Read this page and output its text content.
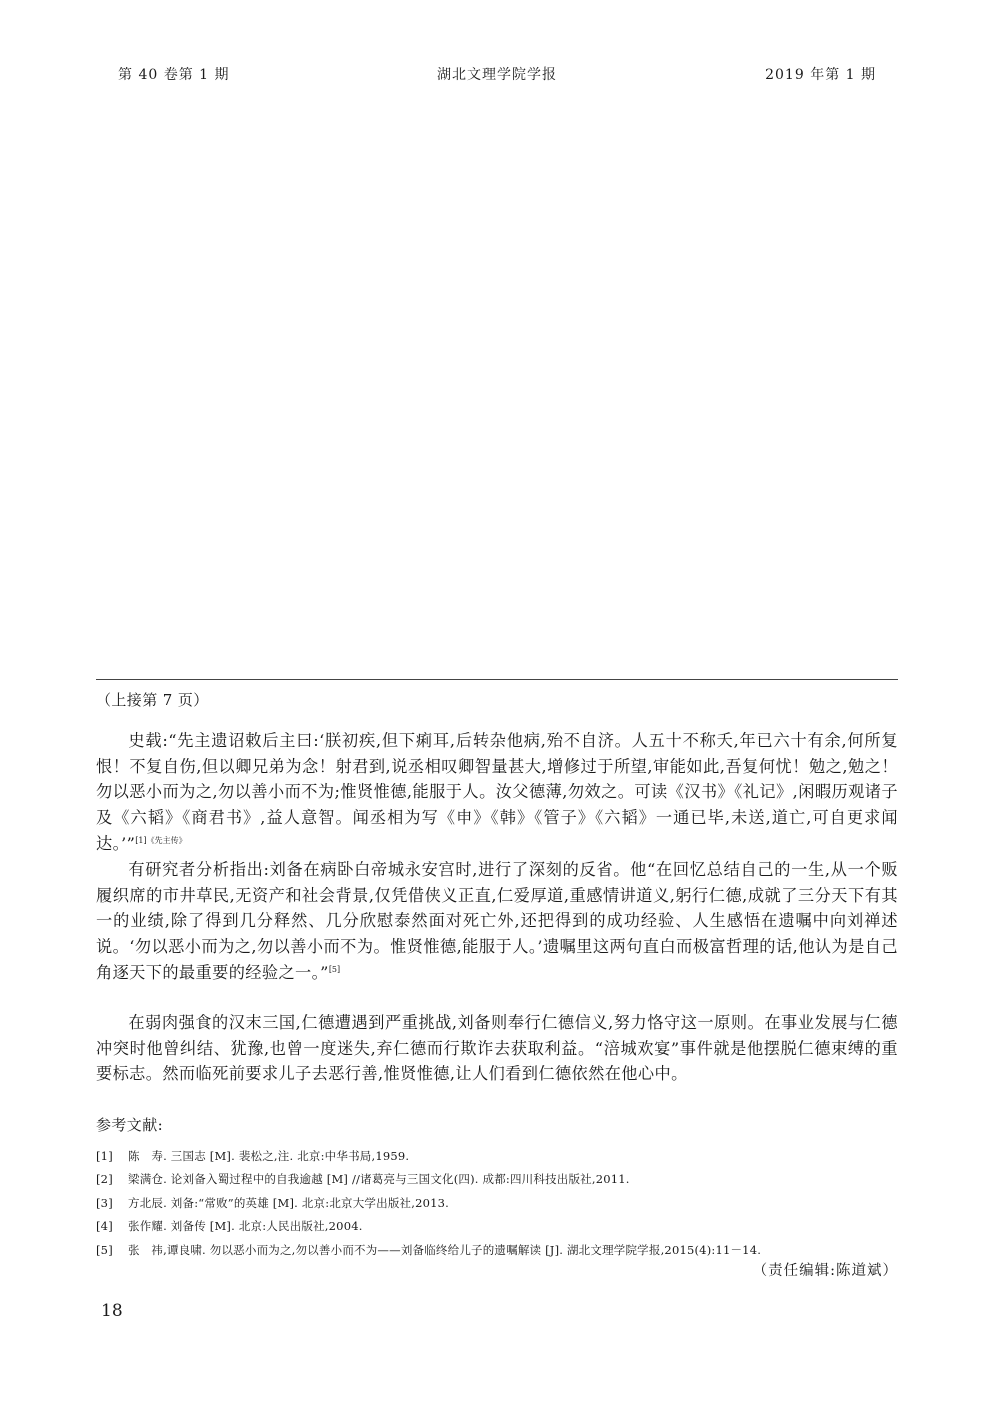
第 40 卷第 1 期	湖北文理学院学报	2019 年第 1 期
（上接第 7 页）

史载:“先主遗诏敕后主曰:‘朕初疾,但下痢耳,后转杂他病,殆不自济。人五十不称夭,年已六十有余,何所复恨！不复自伤,但以卿兄弟为念！射君到,说丞相叹卿智量甚大,增修过于所望,审能如此,吾复何忧！勉之,勉之！勿以恶小而为之,勿以善小而不为;惟贤惟德,能服于人。汝父德薄,勿效之。可读《汉书》《礼记》,闲暇历观诸子及《六韬》《商君书》,益人意智。闻丞相为写《申》《韩》《管子》《六韬》一通已毕,未送,道亡,可自更求闻达。’”$^{[1]《先主传》}$

有研究者分析指出:刘备在病卧白帝城永安宫时,进行了深刻的反省。他“在回忆总结自己的一生,从一个贩履织席的市井草民,无资产和社会背景,仅凭借侠义正直,仁爱厚道,重感情讲道义,躬行仁德,成就了三分天下有其一的业绩,除了得到几分释然、几分欣慰泰然面对死亡外,还把得到的成功经验、人生感悟在遗嘱中向刘禅述说。‘勿以恶小而为之,勿以善小而不为。惟贤惟德,能服于人。’遗嘱里这两句直白而极富哲理的话,他认为是自己角逐天下的最重要的经验之一。”[5]

在弱肉强食的汉末三国,仁德遭遇到严重挑战,刘备则奉行仁德信义,努力恪守这一原则。在事业发展与仁德冲突时他曾纠结、犹豫,也曾一度迷失,弃仁德而行欺诈去获取利益。“涪城欢宴”事件就是他摆脱仁德束缚的重要标志。然而临死前要求儿子去恶行善,惟贤惟德,让人们看到仁德依然在他心中。

参考文献:
[1]	陈　寿. 三国志 [M]. 裴松之,注. 北京:中华书局,1959.
[2]	梁满仓. 论刘备入蜀过程中的自我逾越 [M] //诸葛亮与三国文化(四). 成都:四川科技出版社,2011.
[3]	方北辰. 刘备:“常败”的英雄 [M]. 北京:北京大学出版社,2013.
[4]	张作耀. 刘备传 [M]. 北京:人民出版社,2004.
[5]	张　祎,谭良啸. 勿以恶小而为之,勿以善小而不为——刘备临终给儿子的遗嘱解读 [J]. 湖北文理学院学报,2015(4):11－14.
（责任编辑:陈道斌）
18
